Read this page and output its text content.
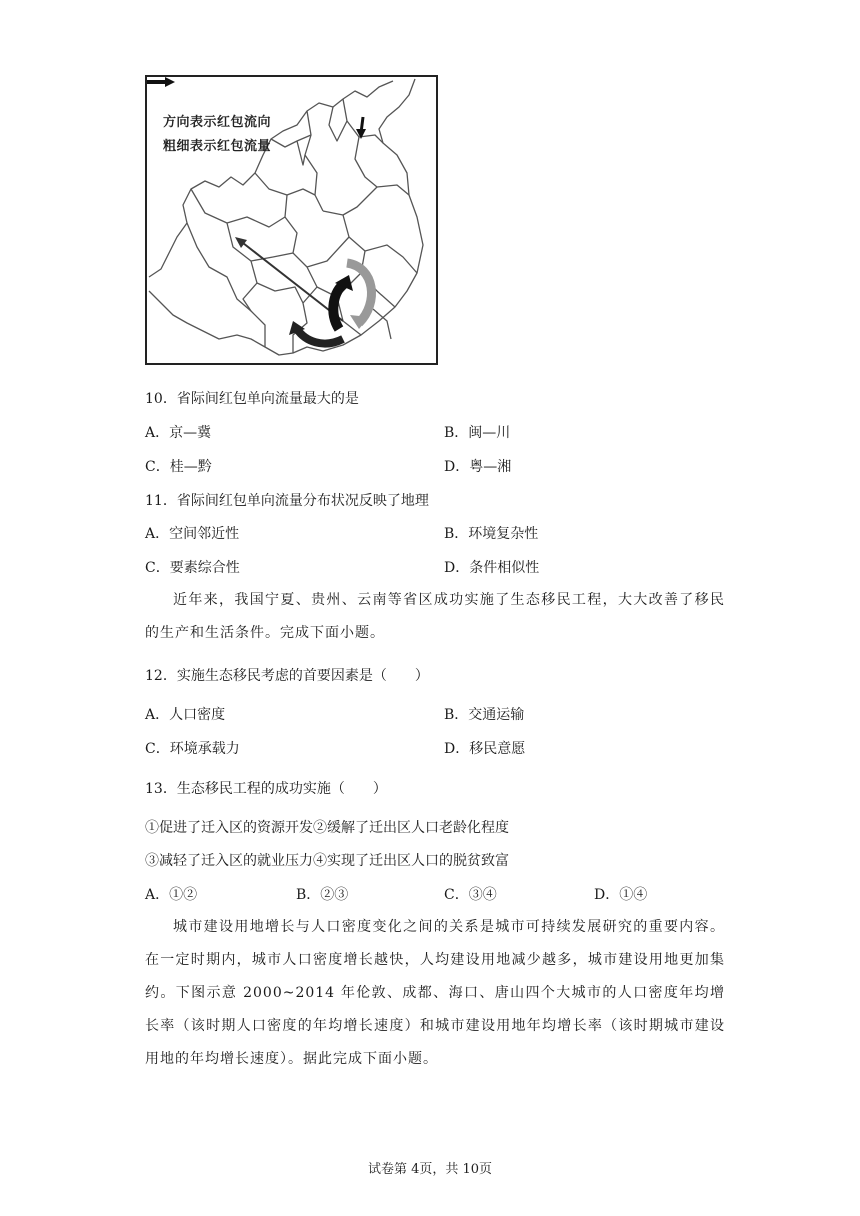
方向表示红包流向
粗细表示红包流量
10．省际间红包单向流量最大的是
A．京—冀	B．闽—川
C．桂—黔	D．粤—湘
11．省际间红包单向流量分布状况反映了地理
A．空间邻近性	B．环境复杂性
C．要素综合性	D．条件相似性
近年来，我国宁夏、贵州、云南等省区成功实施了生态移民工程，大大改善了移民的生产和生活条件。完成下面小题。
12．实施生态移民考虑的首要因素是（　　）
A．人口密度	B．交通运输
C．环境承载力	D．移民意愿
13．生态移民工程的成功实施（　　）
①促进了迁入区的资源开发②缓解了迁出区人口老龄化程度
③减轻了迁入区的就业压力④实现了迁出区人口的脱贫致富
A．①②	B．②③	C．③④	D．①④
城市建设用地增长与人口密度变化之间的关系是城市可持续发展研究的重要内容。在一定时期内，城市人口密度增长越快，人均建设用地减少越多，城市建设用地更加集约。下图示意 2000~2014 年伦敦、成都、海口、唐山四个大城市的人口密度年均增长率（该时期人口密度的年均增长速度）和城市建设用地年均增长率（该时期城市建设用地的年均增长速度）。据此完成下面小题。
试卷第 4页，共 10页
